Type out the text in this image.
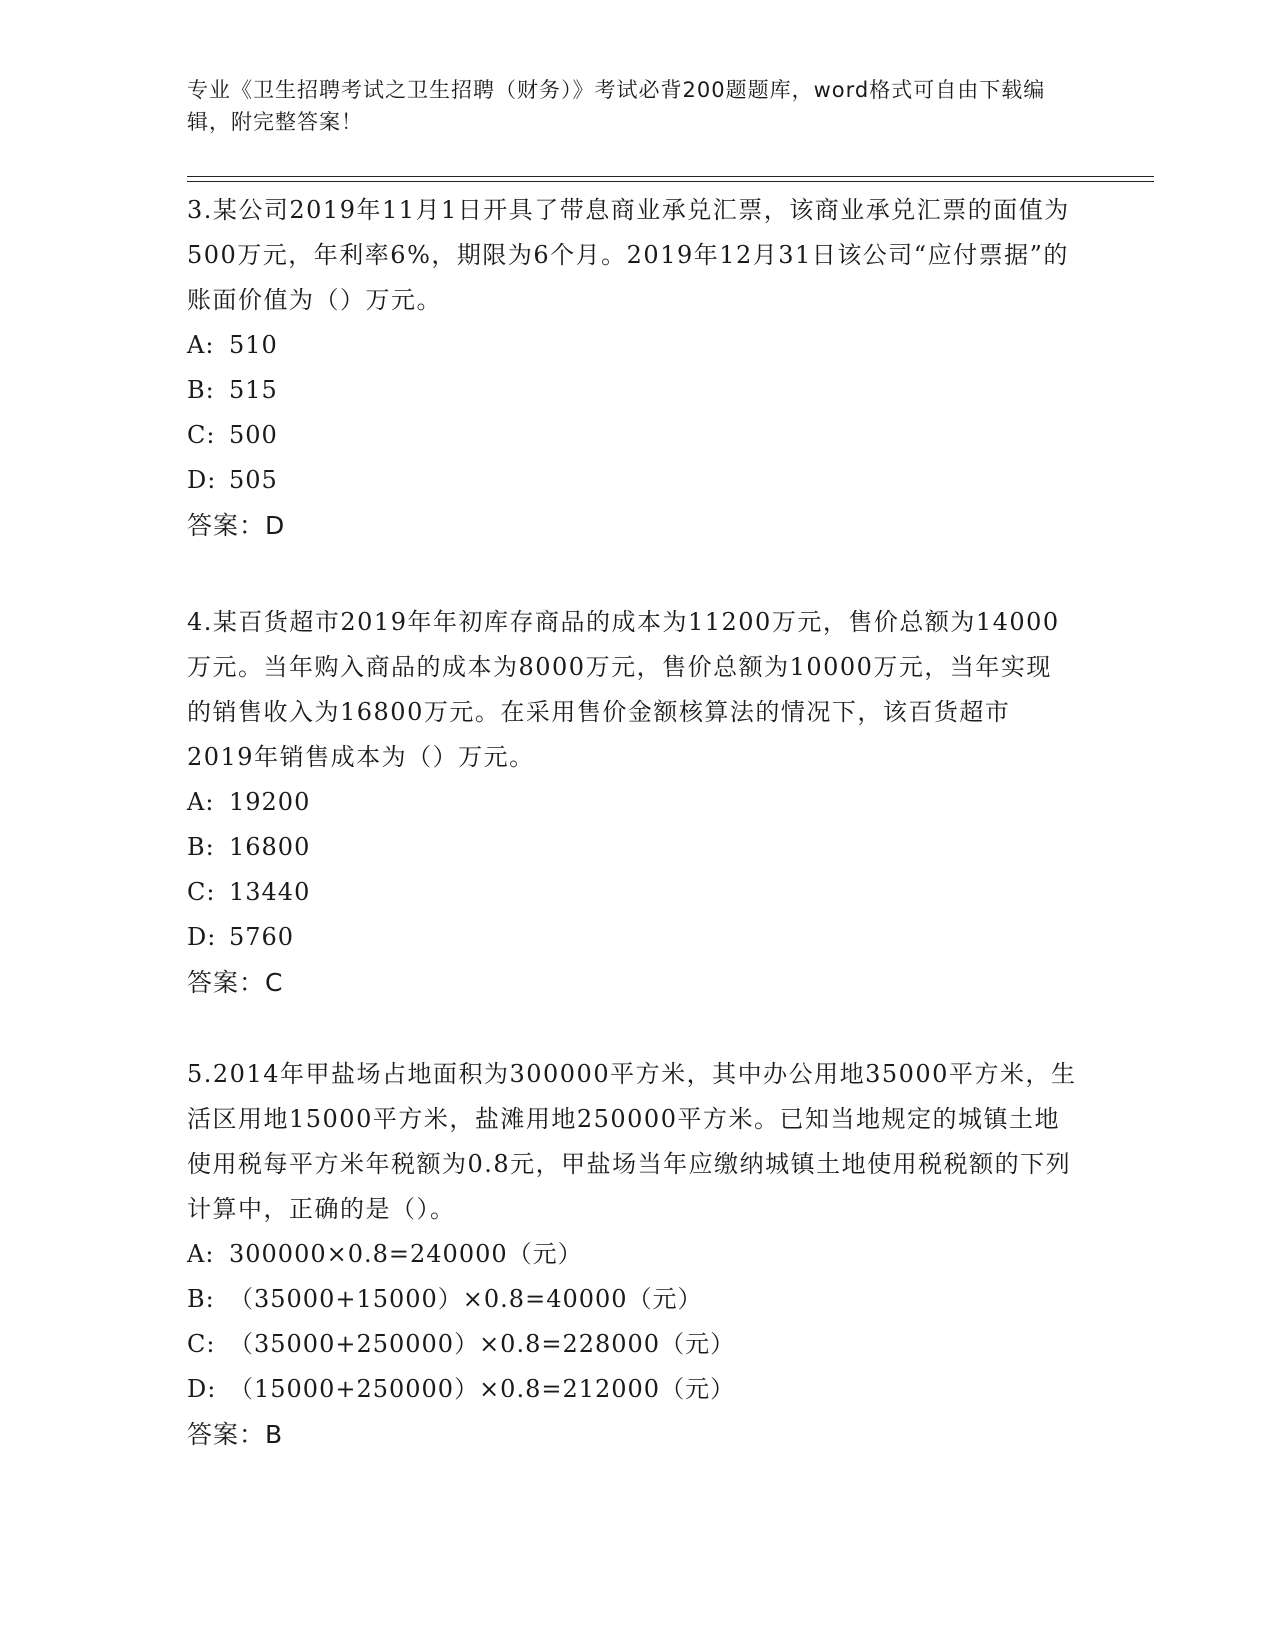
专业《卫生招聘考试之卫生招聘（财务）》考试必背200题题库，word格式可自由下载编辑，附完整答案！

3.某公司2019年11月1日开具了带息商业承兑汇票，该商业承兑汇票的面值为500万元，年利率6%，期限为6个月。2019年12月31日该公司“应付票据”的账面价值为（）万元。

A: 510

B: 515

C: 500

D: 505

答案：D

4.某百货超市2019年年初库存商品的成本为11200万元，售价总额为14000万元。当年购入商品的成本为8000万元，售价总额为10000万元，当年实现的销售收入为16800万元。在采用售价金额核算法的情况下，该百货超市2019年销售成本为（）万元。

A: 19200

B: 16800

C: 13440

D: 5760

答案：C

5.2014年甲盐场占地面积为300000平方米，其中办公用地35000平方米，生活区用地15000平方米，盐滩用地250000平方米。已知当地规定的城镇土地使用税每平方米年税额为0.8元，甲盐场当年应缴纳城镇土地使用税税额的下列计算中，正确的是（）。

A: 300000×0.8=240000（元）

B: （35000+15000）×0.8=40000（元）

C: （35000+250000）×0.8=228000（元）

D: （15000+250000）×0.8=212000（元）

答案：B
